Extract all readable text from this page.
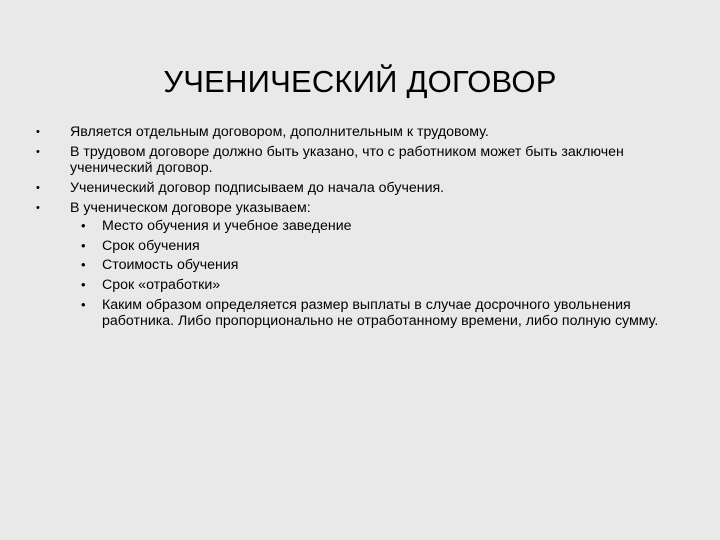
УЧЕНИЧЕСКИЙ ДОГОВОР
• Является отдельным договором, дополнительным к трудовому.
• В трудовом договоре должно быть указано, что с работником может быть заключен ученический договор.
• Ученический договор подписываем до начала обучения.
• В ученическом договоре указываем:
• Место обучения и учебное заведение
• Срок обучения
• Стоимость обучения
• Срок «отработки»
• Каким образом определяется размер выплаты в случае досрочного увольнения работника. Либо пропорционально не отработанному времени, либо полную сумму.
